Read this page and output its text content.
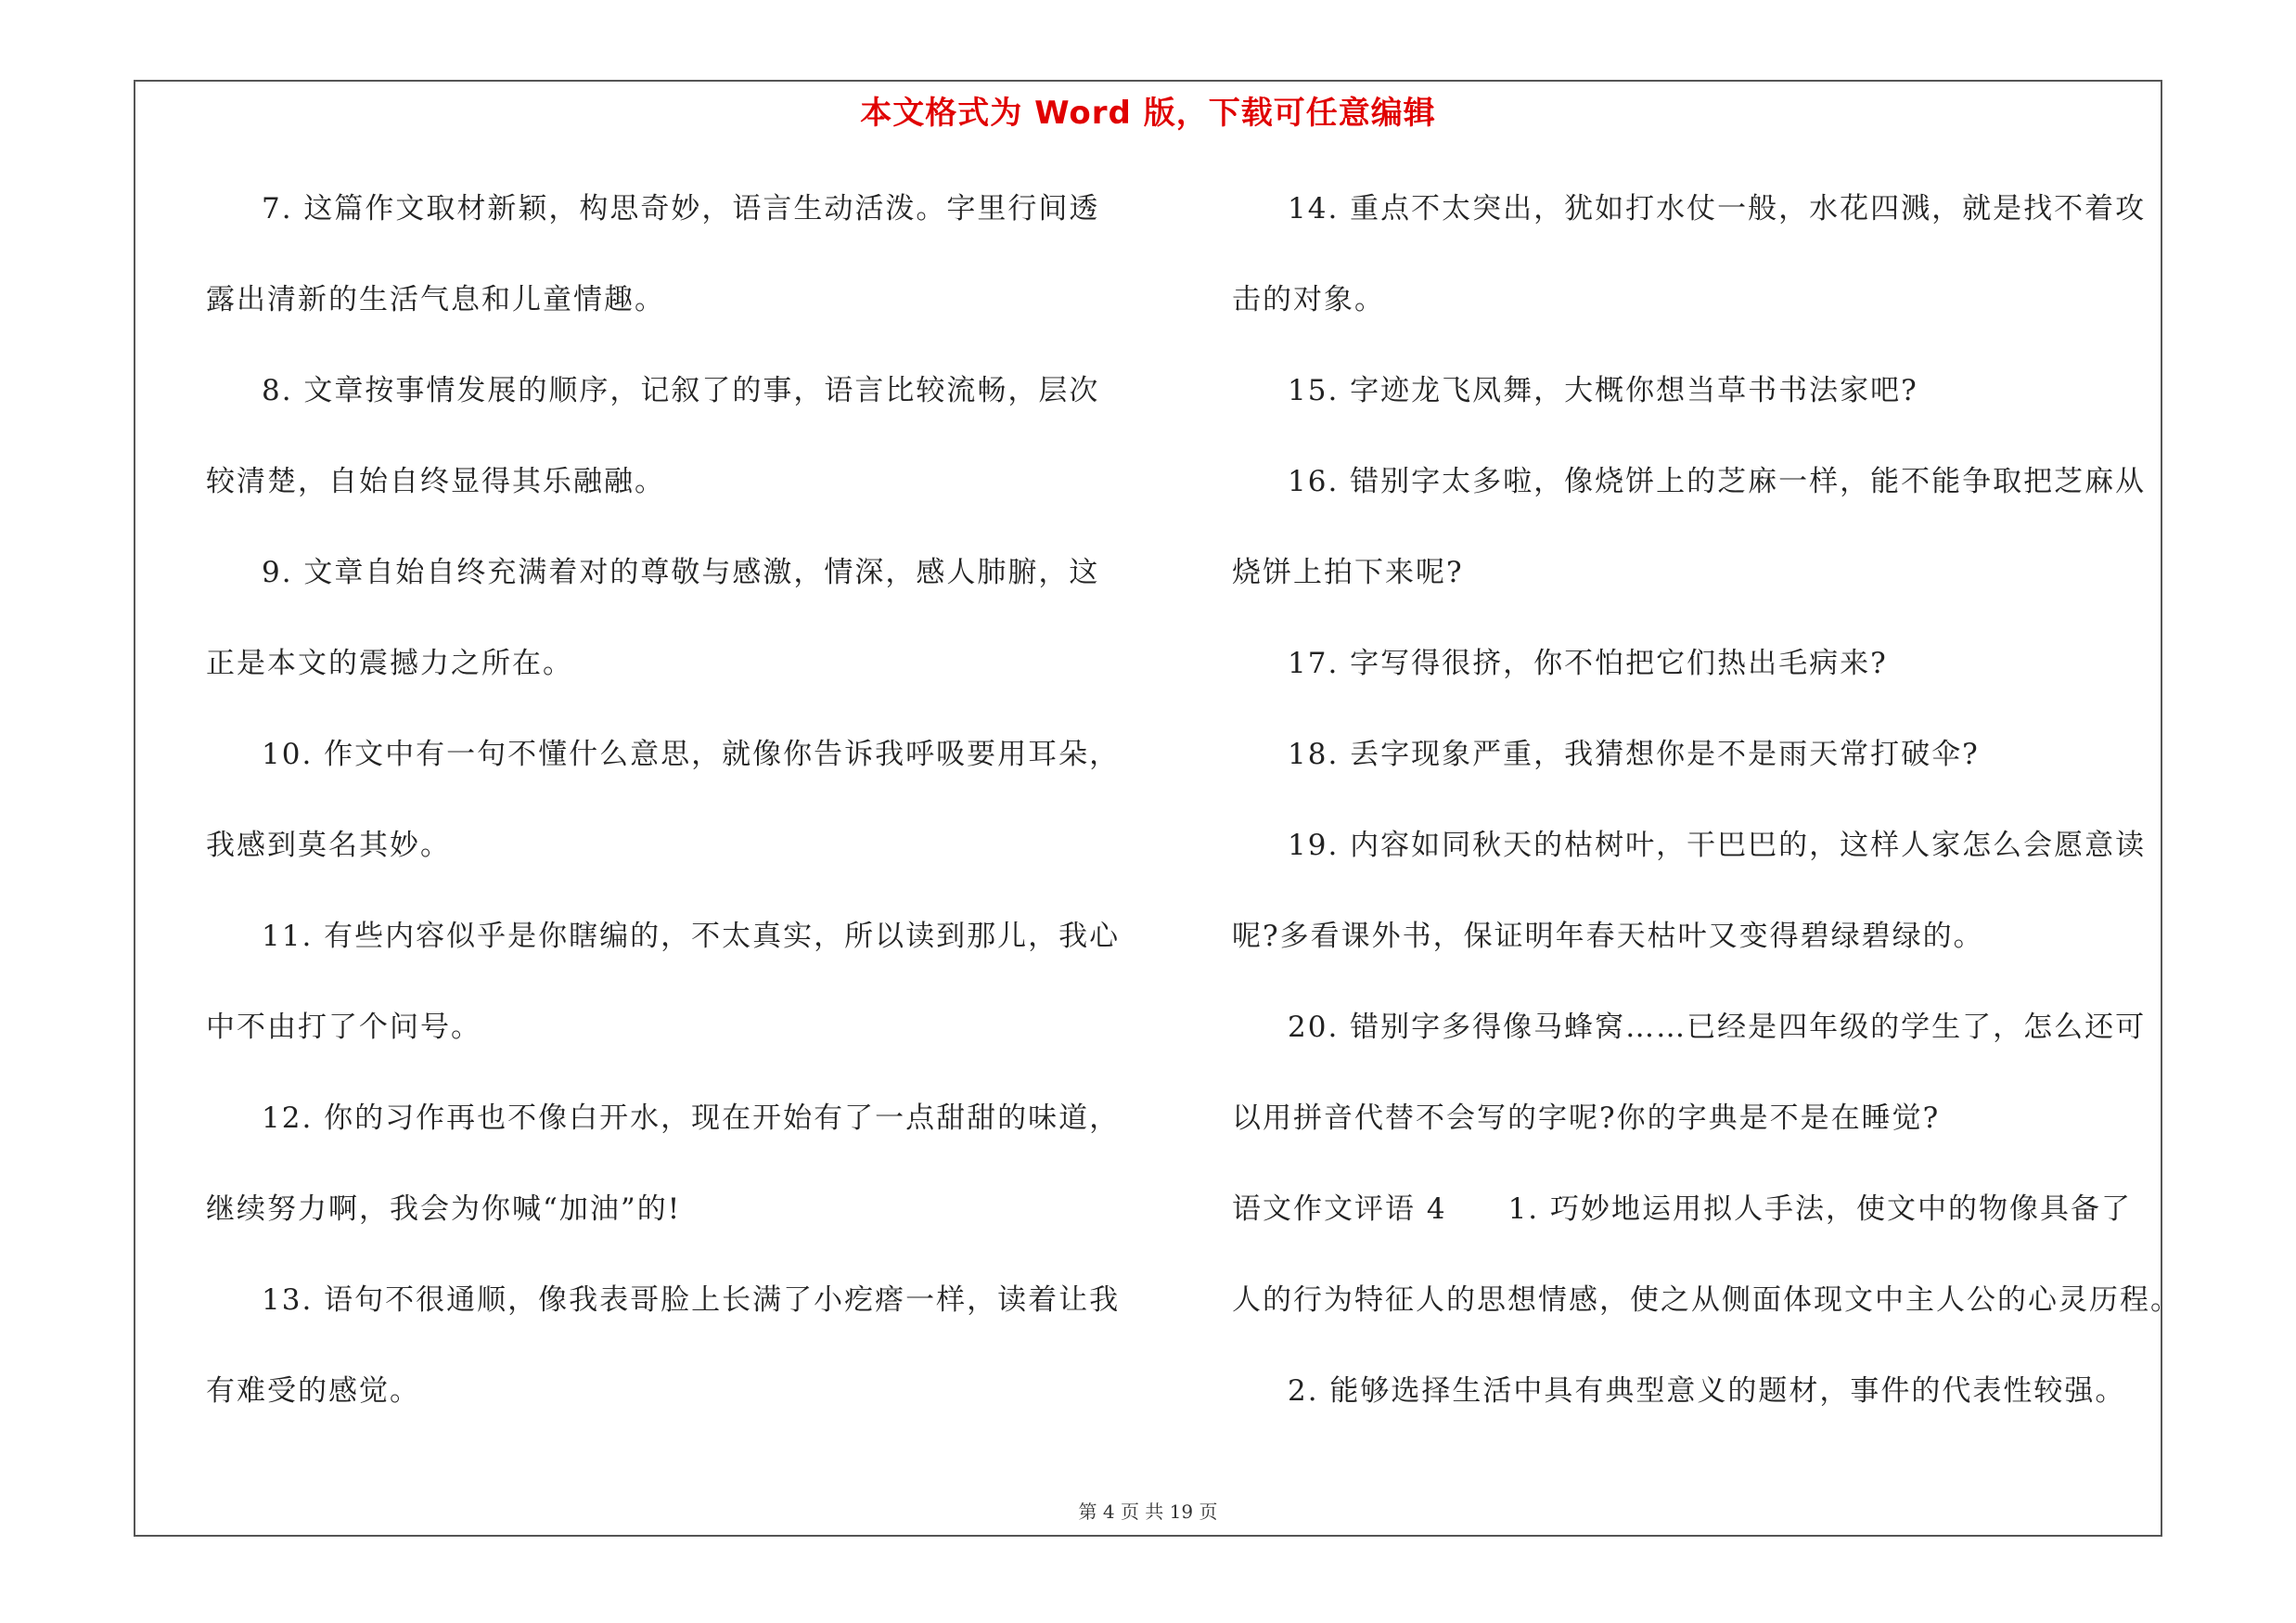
本文格式为 Word 版，下载可任意编辑
7. 这篇作文取材新颖，构思奇妙，语言生动活泼。字里行间透
露出清新的生活气息和儿童情趣。
8. 文章按事情发展的顺序，记叙了的事，语言比较流畅，层次
较清楚，自始自终显得其乐融融。
9. 文章自始自终充满着对的尊敬与感激，情深，感人肺腑，这
正是本文的震撼力之所在。
10. 作文中有一句不懂什么意思，就像你告诉我呼吸要用耳朵，
我感到莫名其妙。
11. 有些内容似乎是你瞎编的，不太真实，所以读到那儿，我心
中不由打了个问号。
12. 你的习作再也不像白开水，现在开始有了一点甜甜的味道，
继续努力啊，我会为你喊“加油”的!
13. 语句不很通顺，像我表哥脸上长满了小疙瘩一样，读着让我
有难受的感觉。
14. 重点不太突出，犹如打水仗一般，水花四溅，就是找不着攻
击的对象。
15. 字迹龙飞凤舞，大概你想当草书书法家吧?
16. 错别字太多啦，像烧饼上的芝麻一样，能不能争取把芝麻从
烧饼上拍下来呢?
17. 字写得很挤，你不怕把它们热出毛病来?
18. 丢字现象严重，我猜想你是不是雨天常打破伞?
19. 内容如同秋天的枯树叶，干巴巴的，这样人家怎么会愿意读
呢?多看课外书，保证明年春天枯叶又变得碧绿碧绿的。
20. 错别字多得像马蜂窝……已经是四年级的学生了，怎么还可
以用拼音代替不会写的字呢?你的字典是不是在睡觉?
语文作文评语 4　　1. 巧妙地运用拟人手法，使文中的物像具备了
人的行为特征人的思想情感，使之从侧面体现文中主人公的心灵历程。
2. 能够选择生活中具有典型意义的题材，事件的代表性较强。
第 4 页 共 19 页
